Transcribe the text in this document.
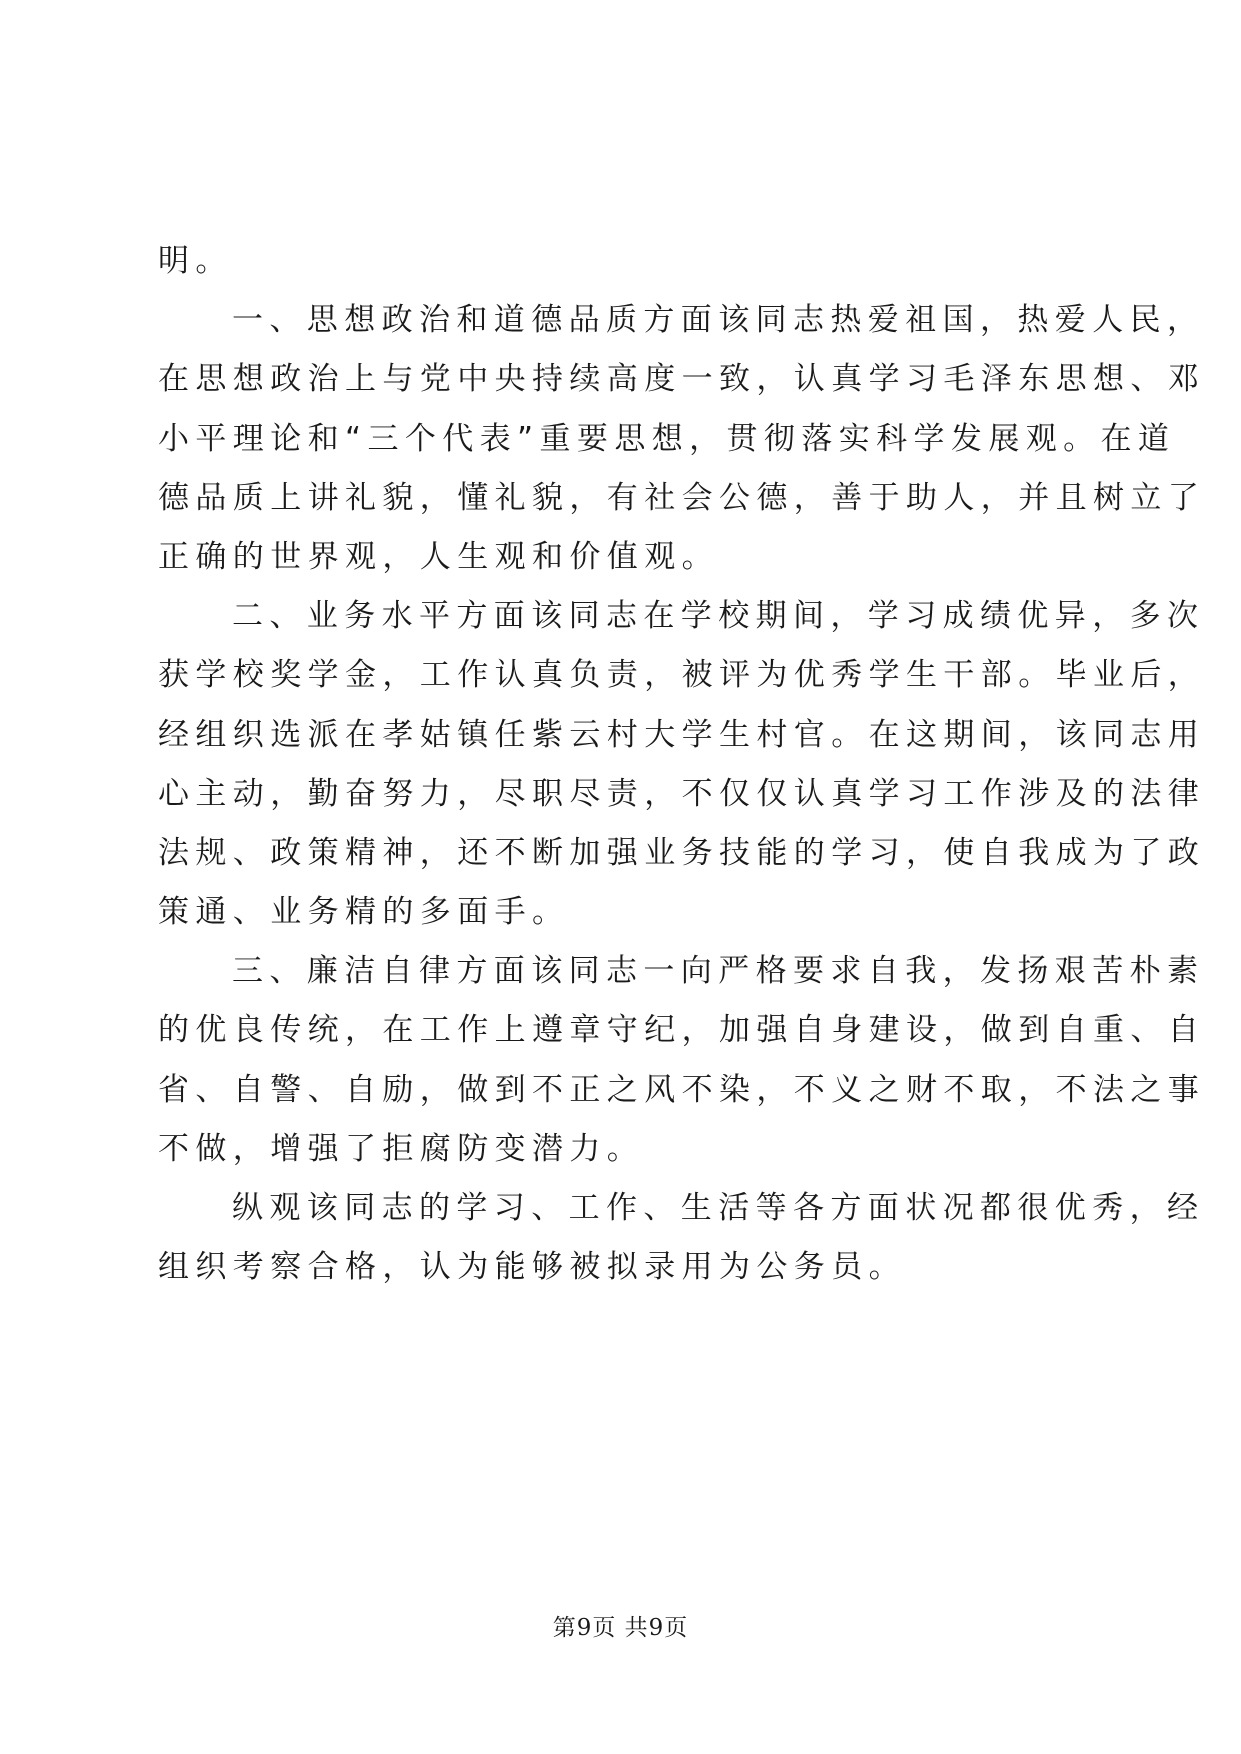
明。
一、思想政治和道德品质方面该同志热爱祖国，热爱人民，
在思想政治上与党中央持续高度一致，认真学习毛泽东思想、邓
小平理论和“三个代表”重要思想，贯彻落实科学发展观。在道
德品质上讲礼貌，懂礼貌，有社会公德，善于助人，并且树立了
正确的世界观，人生观和价值观。
二、业务水平方面该同志在学校期间，学习成绩优异，多次
获学校奖学金，工作认真负责，被评为优秀学生干部。毕业后，
经组织选派在孝姑镇任紫云村大学生村官。在这期间，该同志用
心主动，勤奋努力，尽职尽责，不仅仅认真学习工作涉及的法律
法规、政策精神，还不断加强业务技能的学习，使自我成为了政
策通、业务精的多面手。
三、廉洁自律方面该同志一向严格要求自我，发扬艰苦朴素
的优良传统，在工作上遵章守纪，加强自身建设，做到自重、自
省、自警、自励，做到不正之风不染，不义之财不取，不法之事
不做，增强了拒腐防变潜力。
纵观该同志的学习、工作、生活等各方面状况都很优秀，经
组织考察合格，认为能够被拟录用为公务员。
第9页 共9页
